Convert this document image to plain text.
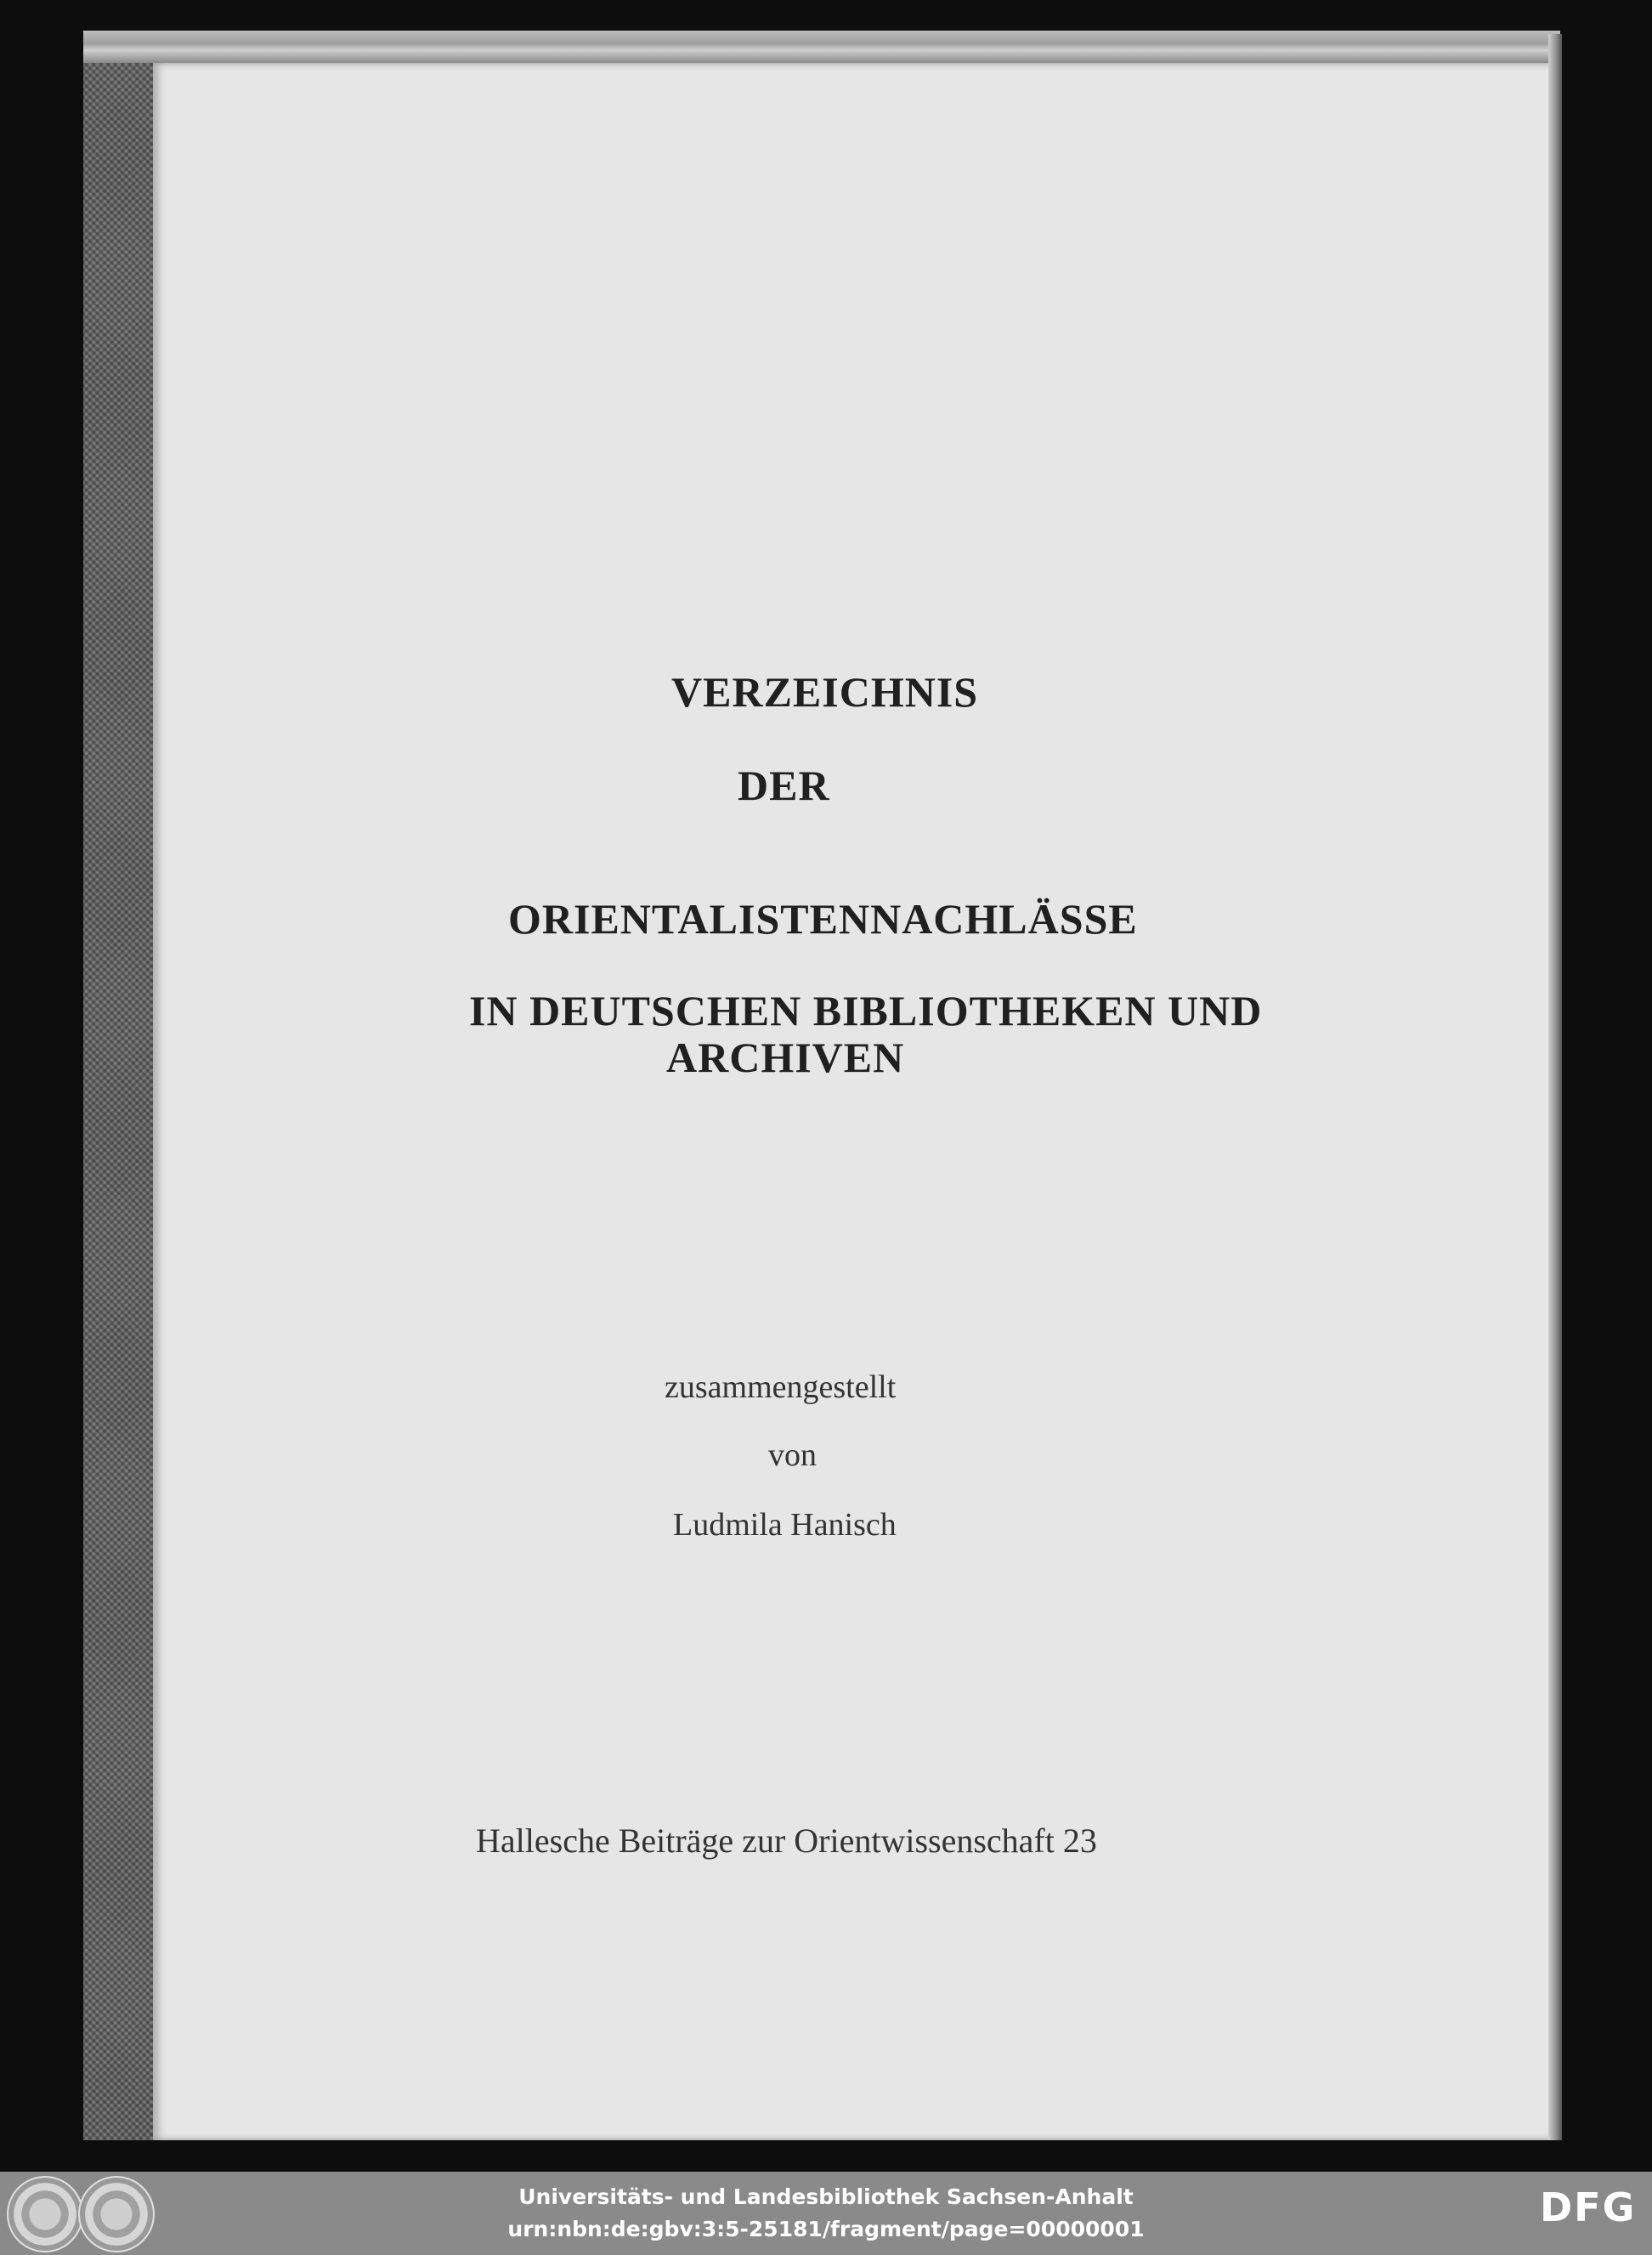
VERZEICHNIS

DER

ORIENTALISTENNACHLÄSSE

IN DEUTSCHEN BIBLIOTHEKEN UND

ARCHIVEN

zusammengestellt

von

Ludmila Hanisch

Hallesche Beiträge zur Orientwissenschaft 23

Universitäts- und Landesbibliothek Sachsen-Anhalt
urn:nbn:de:gbv:3:5-25181/fragment/page=00000001	DFG
